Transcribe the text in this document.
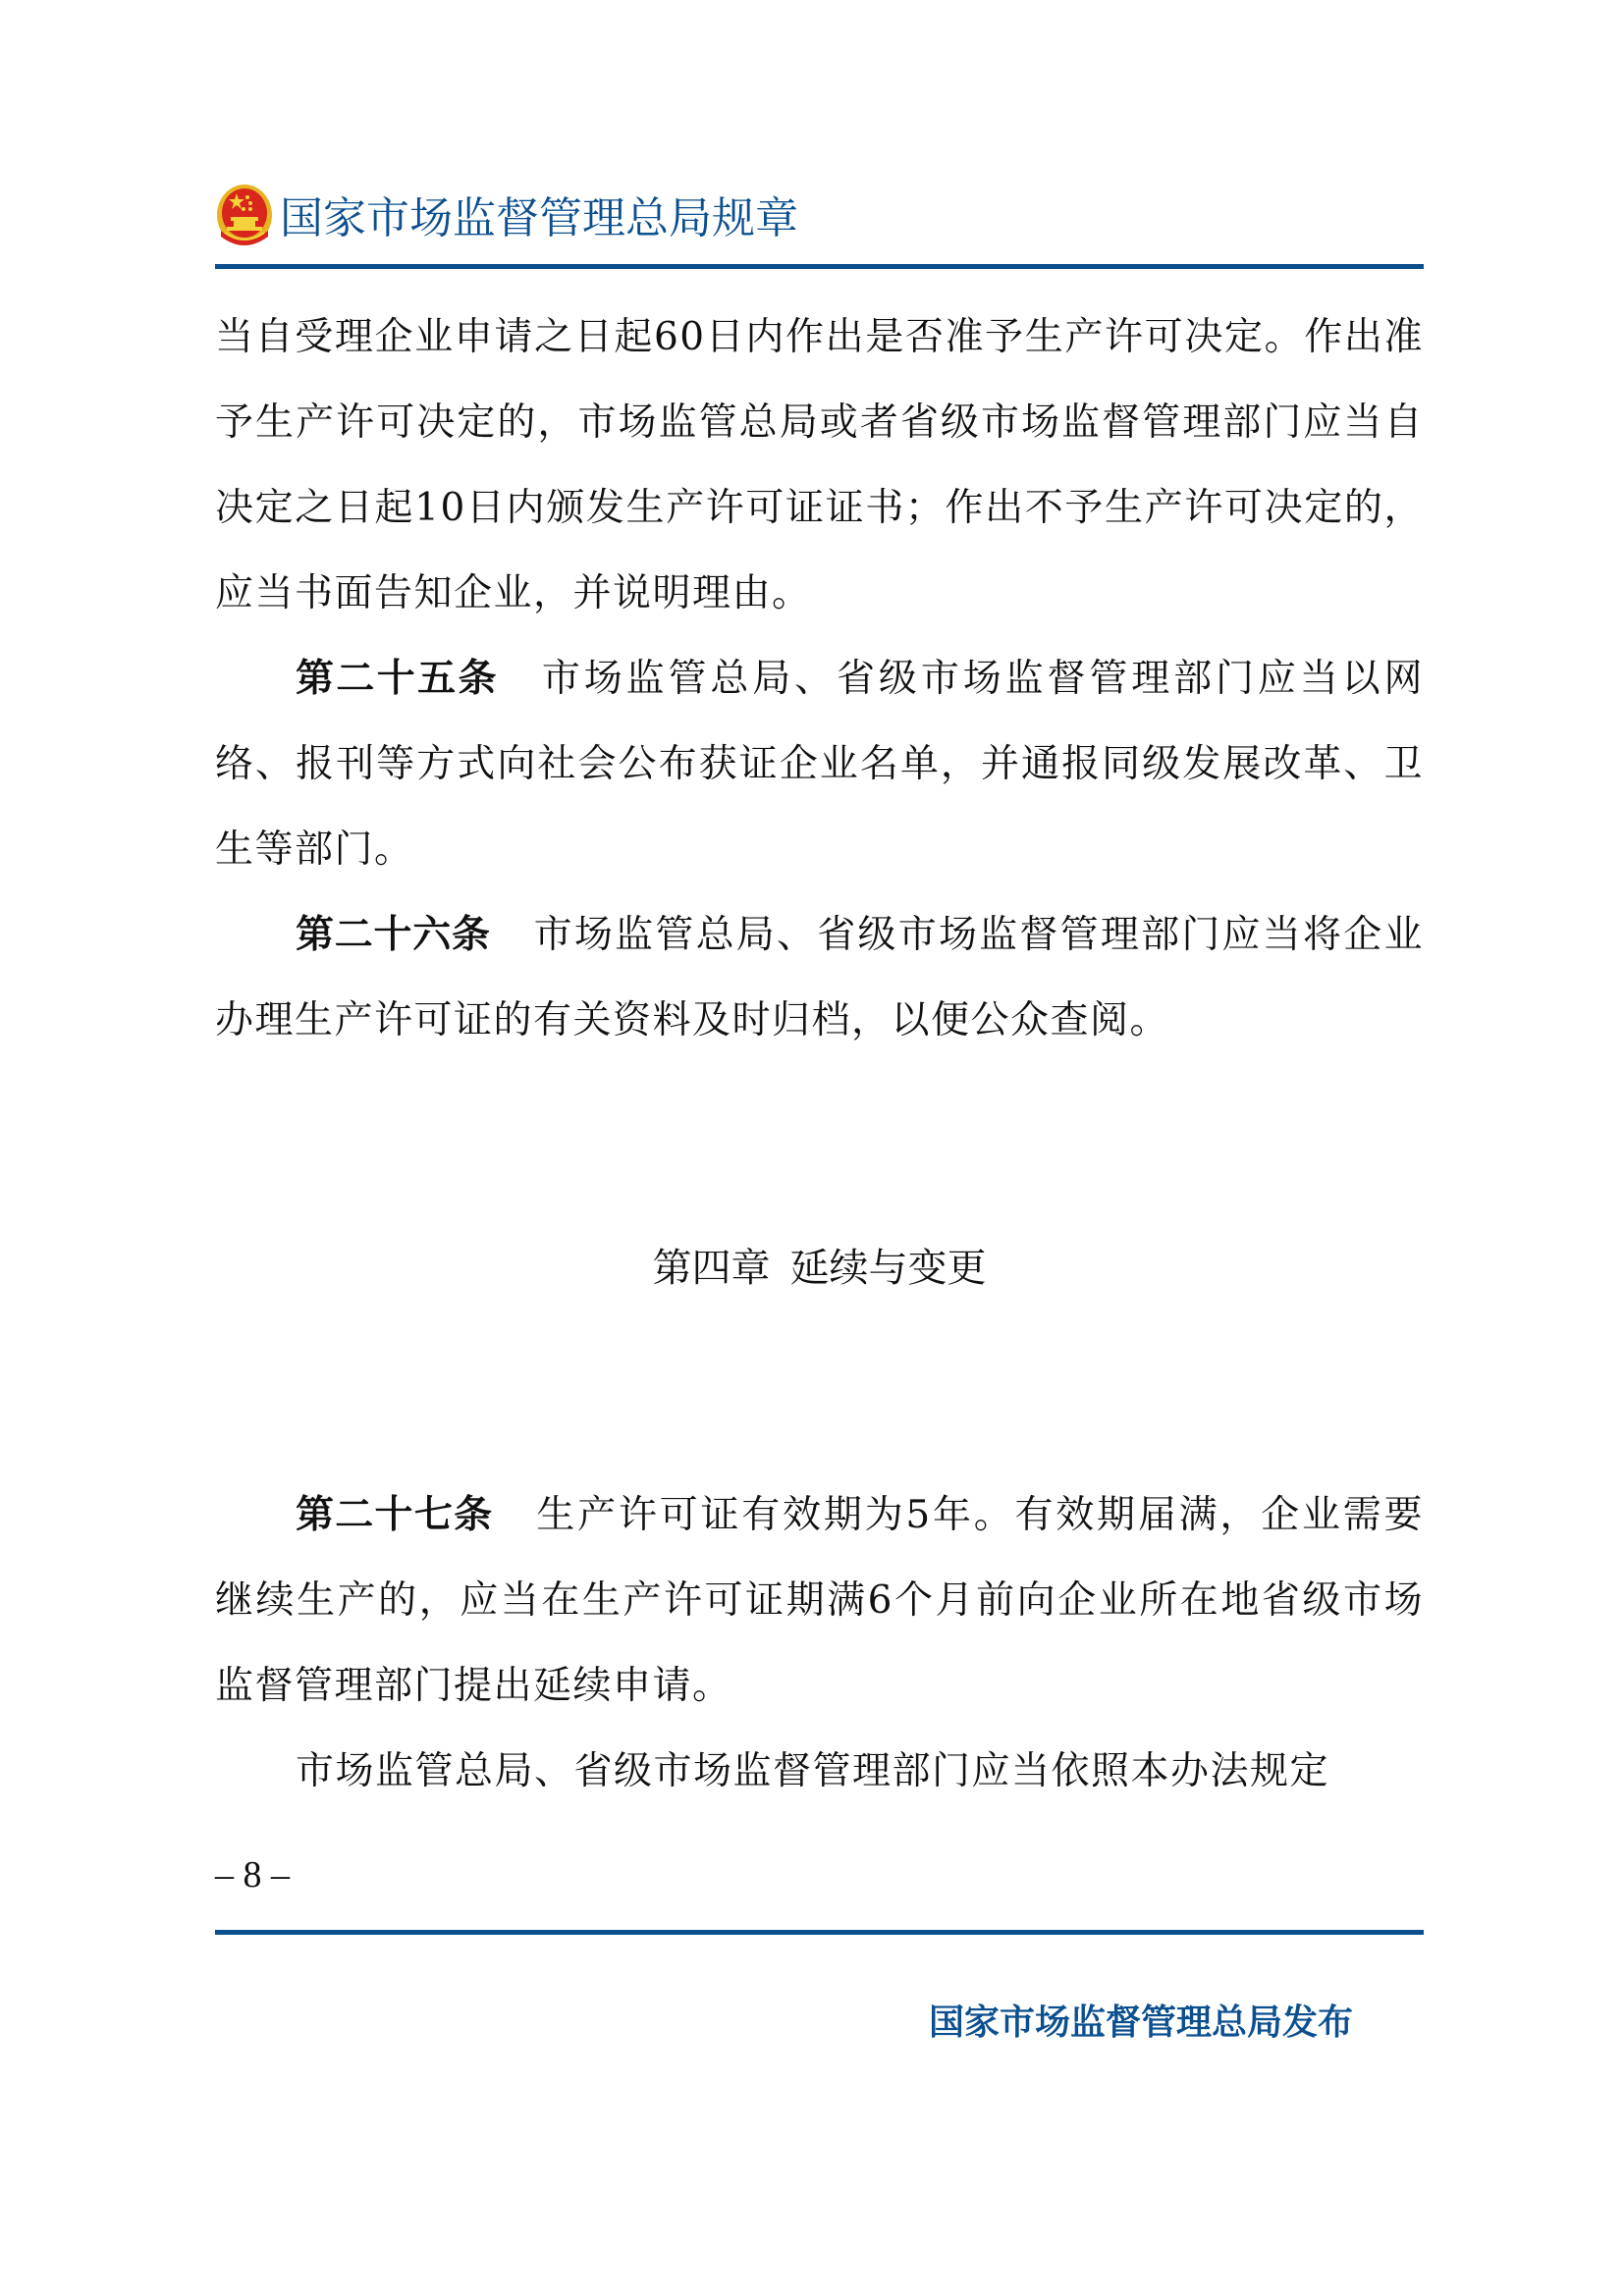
国家市场监督管理总局规章

当自受理企业申请之日起60日内作出是否准予生产许可决定。作出准予生产许可决定的，市场监管总局或者省级市场监督管理部门应当自决定之日起10日内颁发生产许可证证书；作出不予生产许可决定的，应当书面告知企业，并说明理由。

第二十五条 市场监管总局、省级市场监督管理部门应当以网络、报刊等方式向社会公布获证企业名单，并通报同级发展改革、卫生等部门。

第二十六条 市场监管总局、省级市场监督管理部门应当将企业办理生产许可证的有关资料及时归档，以便公众查阅。

第四章 延续与变更

第二十七条 生产许可证有效期为5年。有效期届满，企业需要继续生产的，应当在生产许可证期满6个月前向企业所在地省级市场监督管理部门提出延续申请。

市场监管总局、省级市场监督管理部门应当依照本办法规定

– 8 –
国家市场监督管理总局发布
